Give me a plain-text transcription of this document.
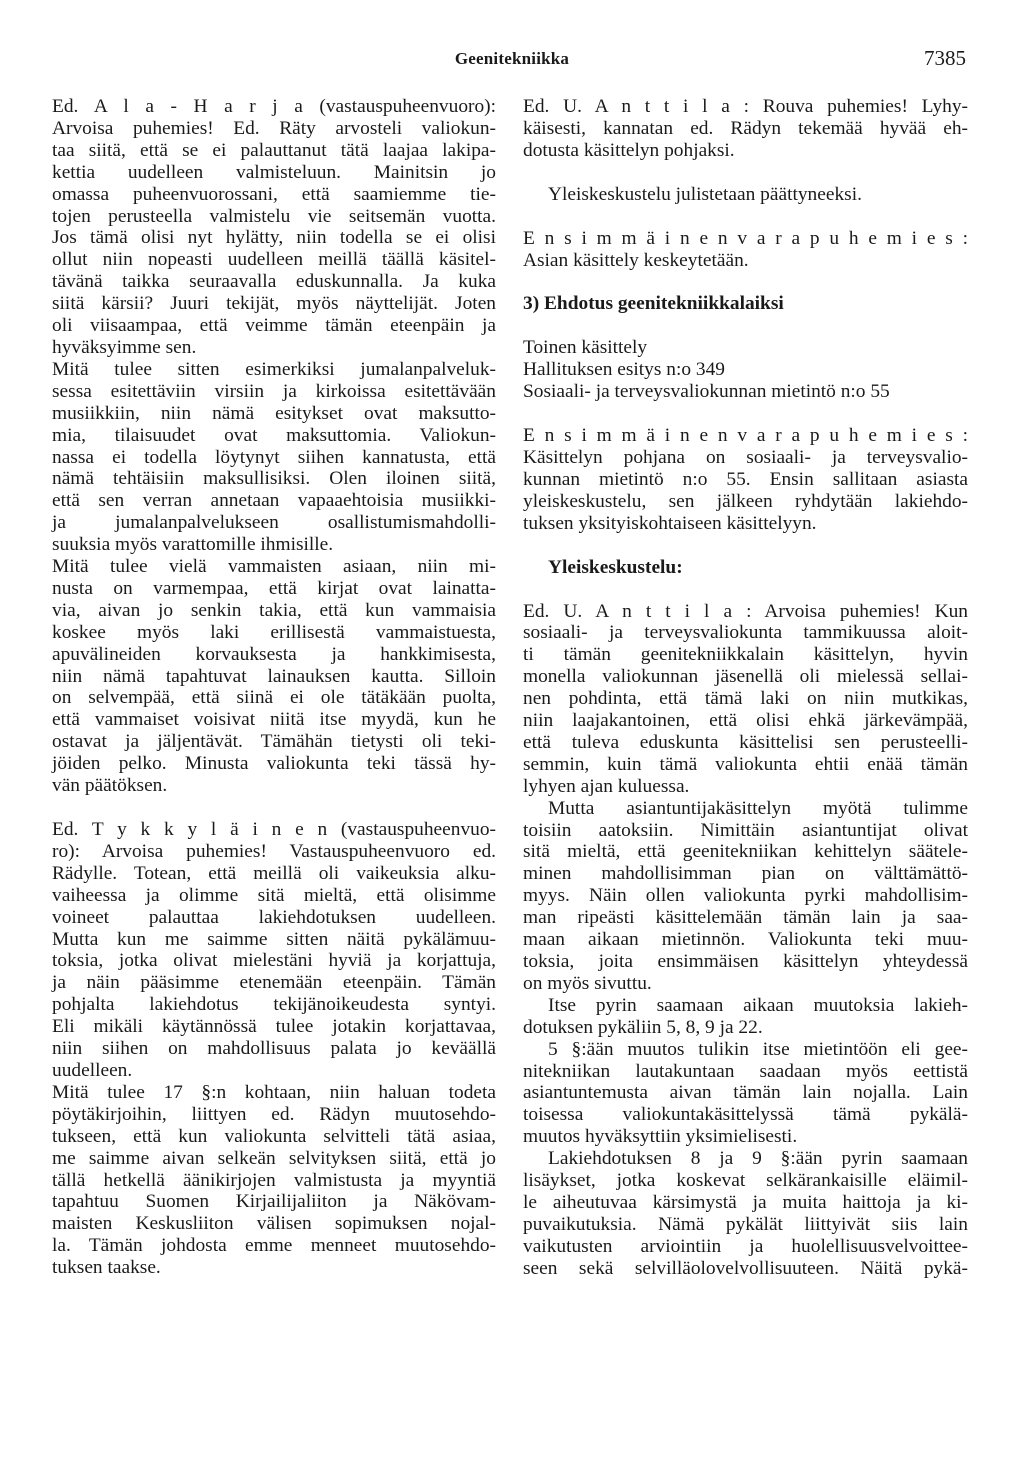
Geenitekniikka	7385
Ed. A l a - H a r j a (vastauspuheenvuoro):
Arvoisa puhemies! Ed. Räty arvosteli valiokun-
taa siitä, että se ei palauttanut tätä laajaa lakipa-
kettia uudelleen valmisteluun. Mainitsin jo
omassa puheenvuorossani, että saamiemme tie-
tojen perusteella valmistelu vie seitsemän vuotta.
Jos tämä olisi nyt hylätty, niin todella se ei olisi
ollut niin nopeasti uudelleen meillä täällä käsitel-
tävänä taikka seuraavalla eduskunnalla. Ja kuka
siitä kärsii? Juuri tekijät, myös näyttelijät. Joten
oli viisaampaa, että veimme tämän eteenpäin ja
hyväksyimme sen.
Mitä tulee sitten esimerkiksi jumalanpalveluk-
sessa esitettäviin virsiin ja kirkoissa esitettävään
musiikkiin, niin nämä esitykset ovat maksutto-
mia, tilaisuudet ovat maksuttomia. Valiokun-
nassa ei todella löytynyt siihen kannatusta, että
nämä tehtäisiin maksullisiksi. Olen iloinen siitä,
että sen verran annetaan vapaaehtoisia musiikki-
ja jumalanpalvelukseen osallistumismahdolli-
suuksia myös varattomille ihmisille.
Mitä tulee vielä vammaisten asiaan, niin mi-
nusta on varmempaa, että kirjat ovat lainatta-
via, aivan jo senkin takia, että kun vammaisia
koskee myös laki erillisestä vammaistuesta,
apuvälineiden korvauksesta ja hankkimisesta,
niin nämä tapahtuvat lainauksen kautta. Silloin
on selvempää, että siinä ei ole tätäkään puolta,
että vammaiset voisivat niitä itse myydä, kun he
ostavat ja jäljentävät. Tämähän tietysti oli teki-
jöiden pelko. Minusta valiokunta teki tässä hy-
vän päätöksen.
Ed. T y k k y l ä i n e n (vastauspuheenvuo-
ro): Arvoisa puhemies! Vastauspuheenvuoro ed.
Rädylle. Totean, että meillä oli vaikeuksia alku-
vaiheessa ja olimme sitä mieltä, että olisimme
voineet palauttaa lakiehdotuksen uudelleen.
Mutta kun me saimme sitten näitä pykälämuu-
toksia, jotka olivat mielestäni hyviä ja korjattuja,
ja näin pääsimme etenemään eteenpäin. Tämän
pohjalta lakiehdotus tekijänoikeudesta syntyi.
Eli mikäli käytännössä tulee jotakin korjattavaa,
niin siihen on mahdollisuus palata jo keväällä
uudelleen.
Mitä tulee 17 §:n kohtaan, niin haluan todeta
pöytäkirjoihin, liittyen ed. Rädyn muutosehdo-
tukseen, että kun valiokunta selvitteli tätä asiaa,
me saimme aivan selkeän selvityksen siitä, että jo
tällä hetkellä äänikirjojen valmistusta ja myyntiä
tapahtuu Suomen Kirjailijaliiton ja Näkövam-
maisten Keskusliiton välisen sopimuksen nojal-
la. Tämän johdosta emme menneet muutosehdo-
tuksen taakse.
Ed. U. A n t t i l a : Rouva puhemies! Lyhy-
käisesti, kannatan ed. Rädyn tekemää hyvää eh-
dotusta käsittelyn pohjaksi.
Yleiskeskustelu julistetaan päättyneeksi.
E n s i m m ä i n e n v a r a p u h e m i e s :
Asian käsittely keskeytetään.
3) Ehdotus geenitekniikkalaiksi
Toinen käsittely
Hallituksen esitys n:o 349
Sosiaali- ja terveysvaliokunnan mietintö n:o 55
E n s i m m ä i n e n v a r a p u h e m i e s :
Käsittelyn pohjana on sosiaali- ja terveysvalio-
kunnan mietintö n:o 55. Ensin sallitaan asiasta
yleiskeskustelu, sen jälkeen ryhdytään lakiehdo-
tuksen yksityiskohtaiseen käsittelyyn.
Yleiskeskustelu:
Ed. U. A n t t i l a : Arvoisa puhemies! Kun
sosiaali- ja terveysvaliokunta tammikuussa aloit-
ti tämän geenitekniikkalain käsittelyn, hyvin
monella valiokunnan jäsenellä oli mielessä sellai-
nen pohdinta, että tämä laki on niin mutkikas,
niin laajakantoinen, että olisi ehkä järkevämpää,
että tuleva eduskunta käsittelisi sen perusteelli-
semmin, kuin tämä valiokunta ehtii enää tämän
lyhyen ajan kuluessa.
Mutta asiantuntijakäsittelyn myötä tulimme
toisiin aatoksiin. Nimittäin asiantuntijat olivat
sitä mieltä, että geenitekniikan kehittelyn säätele-
minen mahdollisimman pian on välttämättö-
myys. Näin ollen valiokunta pyrki mahdollisim-
man ripeästi käsittelemään tämän lain ja saa-
maan aikaan mietinnön. Valiokunta teki muu-
toksia, joita ensimmäisen käsittelyn yhteydessä
on myös sivuttu.
Itse pyrin saamaan aikaan muutoksia lakieh-
dotuksen pykäliin 5, 8, 9 ja 22.
5 §:ään muutos tulikin itse mietintöön eli gee-
nitekniikan lautakuntaan saadaan myös eettistä
asiantuntemusta aivan tämän lain nojalla. Lain
toisessa valiokuntakäsittelyssä tämä pykälä-
muutos hyväksyttiin yksimielisesti.
Lakiehdotuksen 8 ja 9 §:ään pyrin saamaan
lisäykset, jotka koskevat selkärankaisille eläimil-
le aiheutuvaa kärsimystä ja muita haittoja ja ki-
puvaikutuksia. Nämä pykälät liittyivät siis lain
vaikutusten arviointiin ja huolellisuusvelvoittee-
seen sekä selvilläolovelvollisuuteen. Näitä pykä-
